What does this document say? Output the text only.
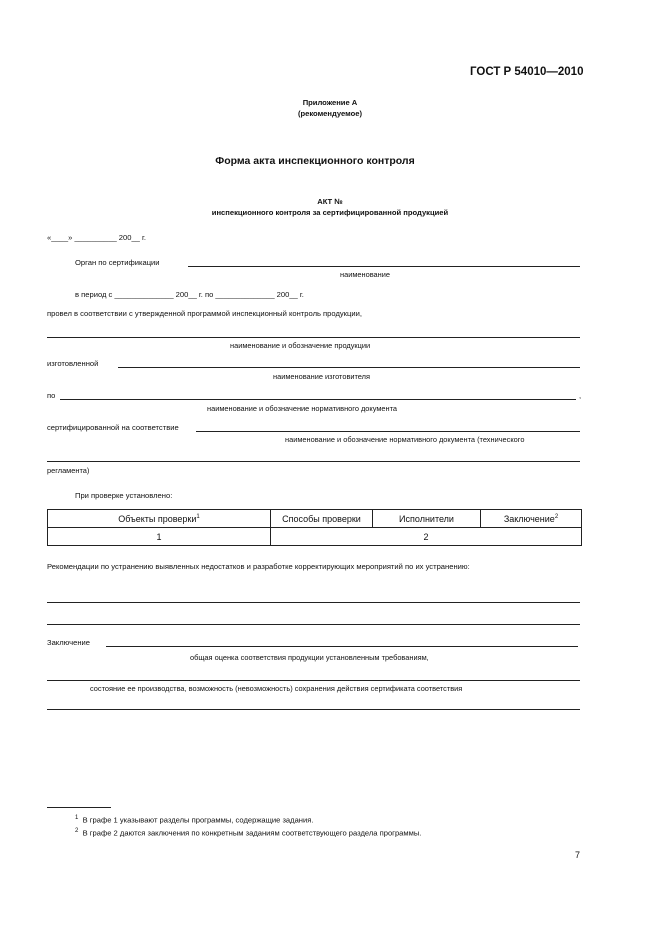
ГОСТ Р 54010—2010
Приложение А
(рекомендуемое)
Форма акта инспекционного контроля
АКТ №
инспекционного контроля за сертифицированной продукцией
«____» __________ 200__ г.
Орган по сертификации
наименование
в период с ______________ 200__ г. по ______________ 200__ г.
провел в соответствии с утвержденной программой инспекционный контроль продукции,
наименование и обозначение продукции
изготовленной
наименование изготовителя
по	,
наименование и обозначение нормативного документа
сертифицированной на соответствие
наименование и обозначение нормативного документа (технического
регламента)
При проверке установлено:
Объекты проверки$^1$	Способы проверки	Исполнители	Заключение$^2$
1	2		
Рекомендации по устранению выявленных недостатков и разработке корректирующих мероприятий по их устранению:
Заключение
общая оценка соответствия продукции установленным требованиям,
состояние ее производства, возможность (невозможность) сохранения действия сертификата соответствия
$^1$ В графе 1 указывают разделы программы, содержащие задания.
$^2$ В графе 2 даются заключения по конкретным заданиям соответствующего раздела программы.
7
